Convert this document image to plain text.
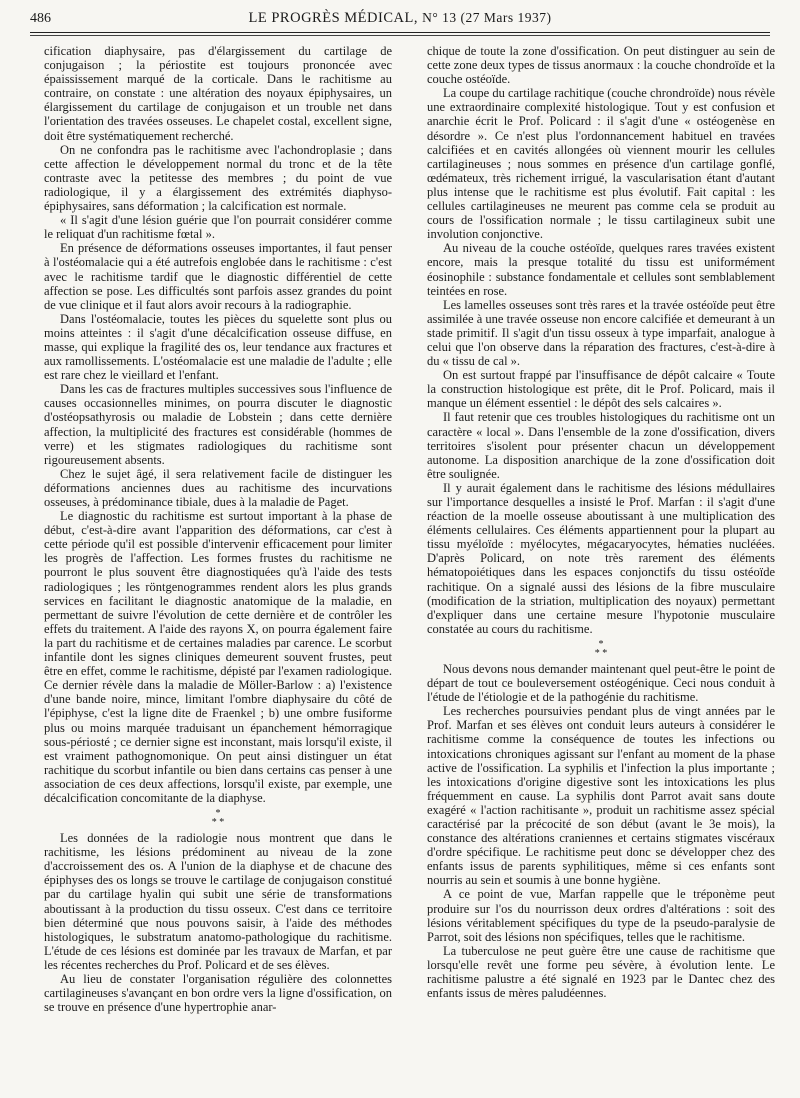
486	LE PROGRÈS MÉDICAL, N° 13 (27 Mars 1937)

cification diaphysaire, pas d'élargissement du cartilage de conjugaison ; la périostite est toujours prononcée avec épaississement marqué de la corticale. Dans le rachitisme au contraire, on constate : une altération des noyaux épiphysaires, un élargissement du cartilage de conjugaison et un trouble net dans l'orientation des travées osseuses. Le chapelet costal, excellent signe, doit être systématiquement recherché.

On ne confondra pas le rachitisme avec l'achondroplasie ; dans cette affection le développement normal du tronc et de la tête contraste avec la petitesse des membres ; du point de vue radiologique, il y a élargissement des extrémités diaphyso-épiphysaires, sans déformation ; la calcification est normale.

« Il s'agit d'une lésion guérie que l'on pourrait considérer comme le reliquat d'un rachitisme fœtal ».

En présence de déformations osseuses importantes, il faut penser à l'ostéomalacie qui a été autrefois englobée dans le rachitisme : c'est avec le rachitisme tardif que le diagnostic différentiel de cette affection se pose. Les difficultés sont parfois assez grandes du point de vue clinique et il faut alors avoir recours à la radiographie.

Dans l'ostéomalacie, toutes les pièces du squelette sont plus ou moins atteintes : il s'agit d'une décalcification osseuse diffuse, en masse, qui explique la fragilité des os, leur tendance aux fractures et aux ramollissements. L'ostéomalacie est une maladie de l'adulte ; elle est rare chez le vieillard et l'enfant.

Dans les cas de fractures multiples successives sous l'influence de causes occasionnelles minimes, on pourra discuter le diagnostic d'ostéopsathyrosis ou maladie de Lobstein ; dans cette dernière affection, la multiplicité des fractures est considérable (hommes de verre) et les stigmates radiologiques du rachitisme sont rigoureusement absents.

Chez le sujet âgé, il sera relativement facile de distinguer les déformations anciennes dues au rachitisme des incurvations osseuses, à prédominance tibiale, dues à la maladie de Paget.

Le diagnostic du rachitisme est surtout important à la phase de début, c'est-à-dire avant l'apparition des déformations, car c'est à cette période qu'il est possible d'intervenir efficacement pour limiter les progrès de l'affection. Les formes frustes du rachitisme ne pourront le plus souvent être diagnostiquées qu'à l'aide des tests radiologiques ; les röntgenogrammes rendent alors les plus grands services en facilitant le diagnostic anatomique de la maladie, en permettant de suivre l'évolution de cette dernière et de contrôler les effets du traitement. A l'aide des rayons X, on pourra également faire la part du rachitisme et de certaines maladies par carence. Le scorbut infantile dont les signes cliniques demeurent souvent frustes, peut être en effet, comme le rachitisme, dépisté par l'examen radiologique. Ce dernier révèle dans la maladie de Möller-Barlow : a) l'existence d'une bande noire, mince, limitant l'ombre diaphysaire du côté de l'épiphyse, c'est la ligne dite de Fraenkel ; b) une ombre fusiforme plus ou moins marquée traduisant un épanchement hémorragique sous-périosté ; ce dernier signe est inconstant, mais lorsqu'il existe, il est vraiment pathognomonique. On peut ainsi distinguer un état rachitique du scorbut infantile ou bien dans certains cas penser à une association de ces deux affections, lorsqu'il existe, par exemple, une décalcification concomitante de la diaphyse.

*
* *

Les données de la radiologie nous montrent que dans le rachitisme, les lésions prédominent au niveau de la zone d'accroissement des os. A l'union de la diaphyse et de chacune des épiphyses des os longs se trouve le cartilage de conjugaison constitué par du cartilage hyalin qui subit une série de transformations aboutissant à la production du tissu osseux. C'est dans ce territoire bien déterminé que nous pouvons saisir, à l'aide des méthodes histologiques, le substratum anatomo-pathologique du rachitisme. L'étude de ces lésions est dominée par les travaux de Marfan, et par les récentes recherches du Prof. Policard et de ses élèves.

Au lieu de constater l'organisation régulière des colonnettes cartilagineuses s'avançant en bon ordre vers la ligne d'ossification, on se trouve en présence d'une hypertrophie anar-

chique de toute la zone d'ossification. On peut distinguer au sein de cette zone deux types de tissus anormaux : la couche chondroïde et la couche ostéoïde.

La coupe du cartilage rachitique (couche chrondroïde) nous révèle une extraordinaire complexité histologique. Tout y est confusion et anarchie écrit le Prof. Policard : il s'agit d'une « ostéogenèse en désordre ». Ce n'est plus l'ordonnancement habituel en travées calcifiées et en cavités allongées où viennent mourir les cellules cartilagineuses ; nous sommes en présence d'un cartilage gonflé, œdémateux, très richement irrigué, la vascularisation étant d'autant plus intense que le rachitisme est plus évolutif. Fait capital : les cellules cartilagineuses ne meurent pas comme cela se produit au cours de l'ossification normale ; le tissu cartilagineux subit une involution conjonctive.

Au niveau de la couche ostéoïde, quelques rares travées existent encore, mais la presque totalité du tissu est uniformément éosinophile : substance fondamentale et cellules sont semblablement teintées en rose.

Les lamelles osseuses sont très rares et la travée ostéoïde peut être assimilée à une travée osseuse non encore calcifiée et demeurant à un stade primitif. Il s'agit d'un tissu osseux à type imparfait, analogue à celui que l'on observe dans la réparation des fractures, c'est-à-dire à du « tissu de cal ».

On est surtout frappé par l'insuffisance de dépôt calcaire « Toute la construction histologique est prête, dit le Prof. Policard, mais il manque un élément essentiel : le dépôt des sels calcaires ».

Il faut retenir que ces troubles histologiques du rachitisme ont un caractère « local ». Dans l'ensemble de la zone d'ossification, divers territoires s'isolent pour présenter chacun un développement autonome. La disposition anarchique de la zone d'ossification doit être soulignée.

Il y aurait également dans le rachitisme des lésions médullaires sur l'importance desquelles a insisté le Prof. Marfan : il s'agit d'une réaction de la moelle osseuse aboutissant à une multiplication des éléments cellulaires. Ces éléments appartiennent pour la plupart au tissu myéloïde : myélocytes, mégacaryocytes, hématies nucléées. D'après Policard, on note très rarement des éléments hématopoiétiques dans les espaces conjonctifs du tissu ostéoïde rachitique. On a signalé aussi des lésions de la fibre musculaire (modification de la striation, multiplication des noyaux) permettant d'expliquer dans une certaine mesure l'hypotonie musculaire constatée au cours du rachitisme.

*
* *

Nous devons nous demander maintenant quel peut-être le point de départ de tout ce bouleversement ostéogénique. Ceci nous conduit à l'étude de l'étiologie et de la pathogénie du rachitisme.

Les recherches poursuivies pendant plus de vingt années par le Prof. Marfan et ses élèves ont conduit leurs auteurs à considérer le rachitisme comme la conséquence de toutes les infections ou intoxications chroniques agissant sur l'enfant au moment de la phase active de l'ossification. La syphilis et l'infection la plus importante ; les intoxications d'origine digestive sont les intoxications les plus fréquemment en cause. La syphilis dont Parrot avait sans doute exagéré « l'action rachitisante », produit un rachitisme assez spécial caractérisé par la précocité de son début (avant le 3e mois), la constance des altérations craniennes et certains stigmates viscéraux d'ordre spécifique. Le rachitisme peut donc se développer chez des enfants issus de parents syphilitiques, même si ces enfants sont nourris au sein et soumis à une bonne hygiène.

A ce point de vue, Marfan rappelle que le tréponème peut produire sur l'os du nourrisson deux ordres d'altérations : soit des lésions véritablement spécifiques du type de la pseudo-paralysie de Parrot, soit des lésions non spécifiques, telles que le rachitisme.

La tuberculose ne peut guère être une cause de rachitisme que lorsqu'elle revêt une forme peu sévère, à évolution lente. Le rachitisme palustre a été signalé en 1923 par le Dantec chez des enfants issus de mères paludéennes.
